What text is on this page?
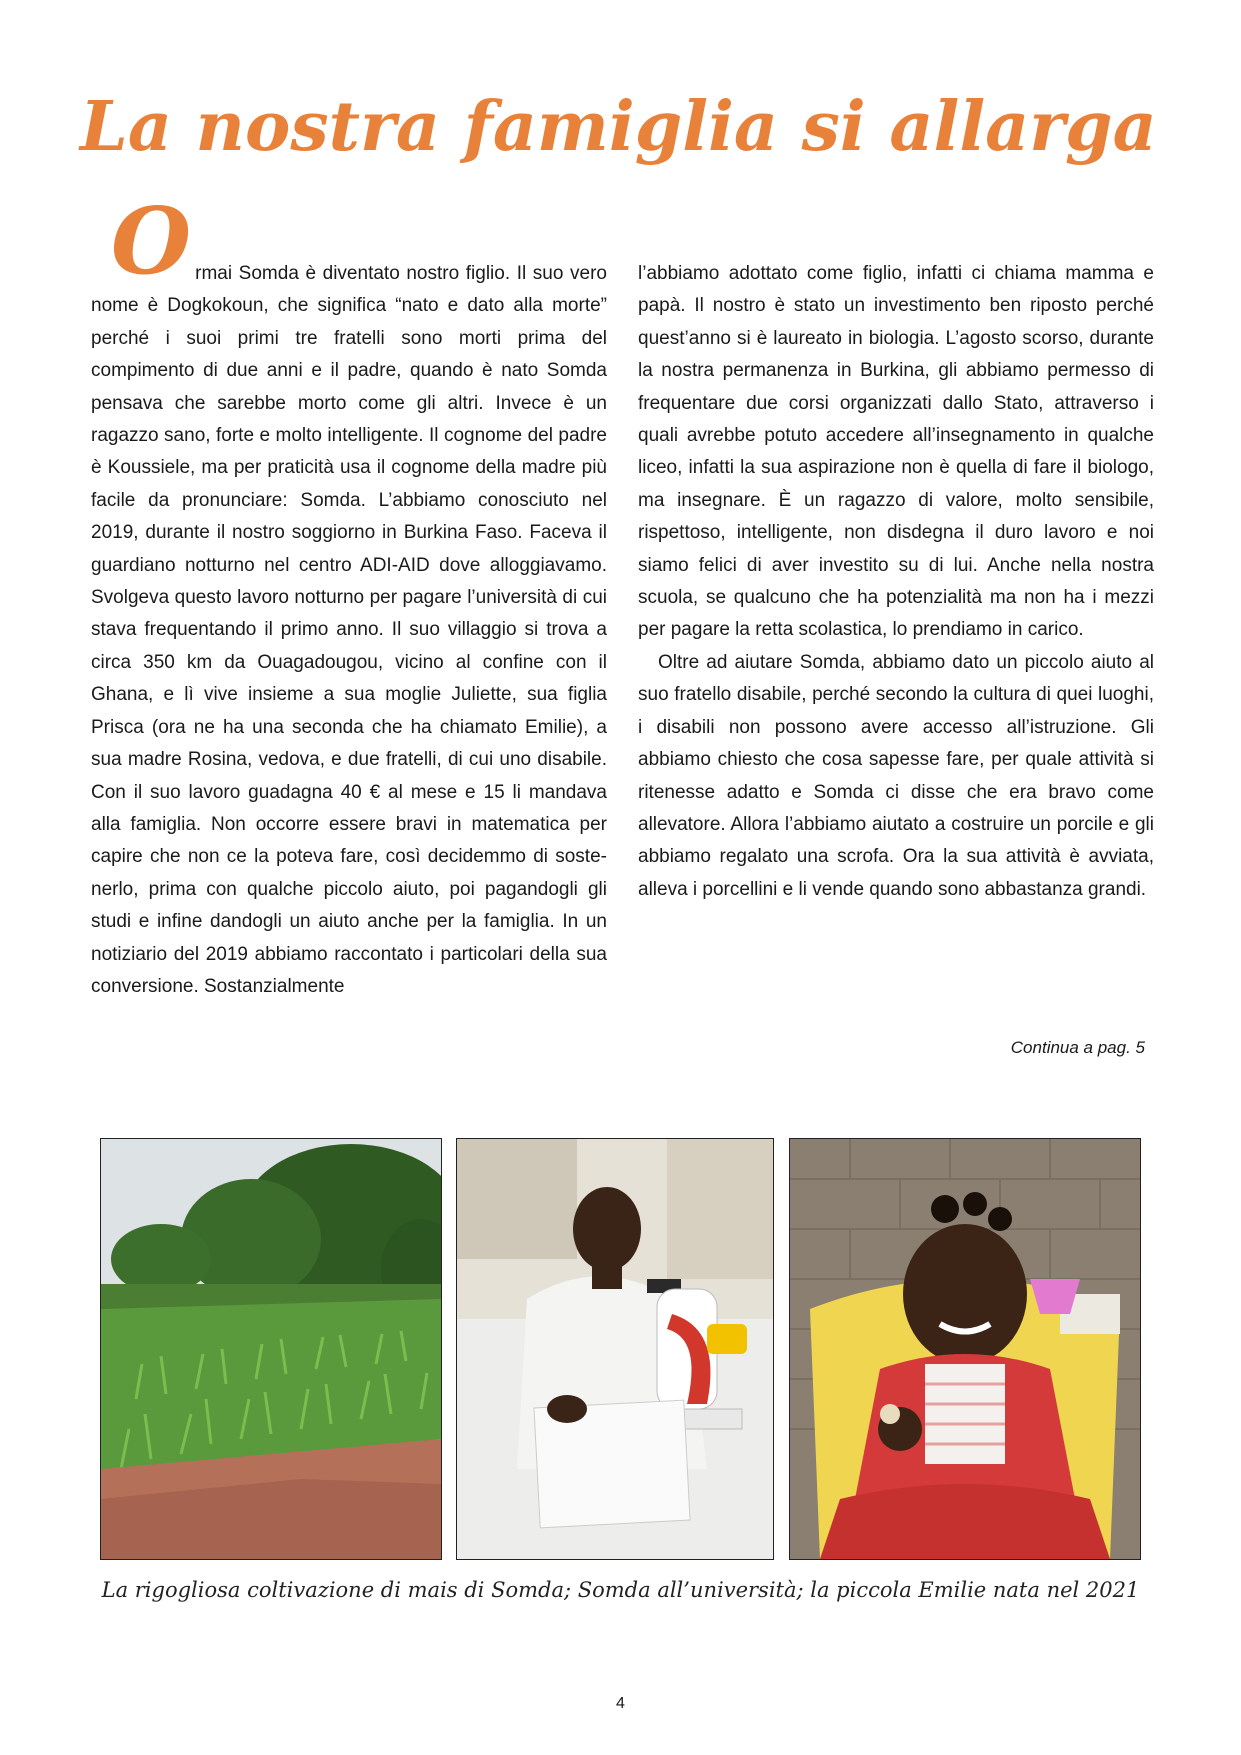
La nostra famiglia si allarga

Ormai Somda è diventato nostro figlio. Il suo vero nome è Dogkokoun, che significa “nato e dato alla morte” perché i suoi primi tre fratelli sono morti prima del compimento di due anni e il padre, quando è nato Somda pensava che sarebbe morto come gli altri. Invece è un ragazzo sano, forte e molto intelligente. Il cognome del padre è Koussiele, ma per praticità usa il cognome della madre più facile da pronunciare: Somda. L’abbiamo conosciuto nel 2019, durante il nostro soggiorno in Burkina Faso. Faceva il guardiano notturno nel centro ADI-AID dove alloggiavamo. Svolgeva questo lavoro notturno per pagare l’università di cui stava frequentando il primo anno. Il suo villaggio si trova a circa 350 km da Ouagadougou, vicino al confine con il Ghana, e lì vive insieme a sua moglie Juliette, sua figlia Prisca (ora ne ha una seconda che ha chiamato Emilie), a sua madre Rosina, vedova, e due fratelli, di cui uno disabile. Con il suo lavoro guadagna 40 € al mese e 15 li mandava alla famiglia. Non occorre essere bravi in matematica per capire che non ce la poteva fare, così decidemmo di sostenerlo, prima con qualche piccolo aiuto, poi pagandogli gli studi e infine dandogli un aiuto anche per la famiglia. In un notiziario del 2019 abbiamo raccontato i particolari della sua conversione. Sostanzialmente

l’abbiamo adottato come figlio, infatti ci chiama mamma e papà. Il nostro è stato un investimento ben riposto perché quest’anno si è laureato in biologia. L’agosto scorso, durante la nostra permanenza in Burkina, gli abbiamo permesso di frequentare due corsi organizzati dallo Stato, attraverso i quali avrebbe potuto accedere all’insegnamento in qualche liceo, infatti la sua aspirazione non è quella di fare il biologo, ma insegnare. È un ragazzo di valore, molto sensibile, rispettoso, intelligente, non disdegna il duro lavoro e noi siamo felici di aver investito su di lui. Anche nella nostra scuola, se qualcuno che ha potenzialità ma non ha i mezzi per pagare la retta scolastica, lo prendiamo in carico.

Oltre ad aiutare Somda, abbiamo dato un piccolo aiuto al suo fratello disabile, perché secondo la cultura di quei luoghi, i disabili non possono avere accesso all’istruzione. Gli abbiamo chiesto che cosa sapesse fare, per quale attività si ritenesse adatto e Somda ci disse che era bravo come allevatore. Allora l’abbiamo aiutato a costruire un porcile e gli abbiamo regalato una scrofa. Ora la sua attività è avviata, alleva i porcellini e li vende quando sono abbastanza grandi.

Continua a pag. 5
La rigogliosa coltivazione di mais di Somda; Somda all’università; la piccola Emilie nata nel 2021
4
